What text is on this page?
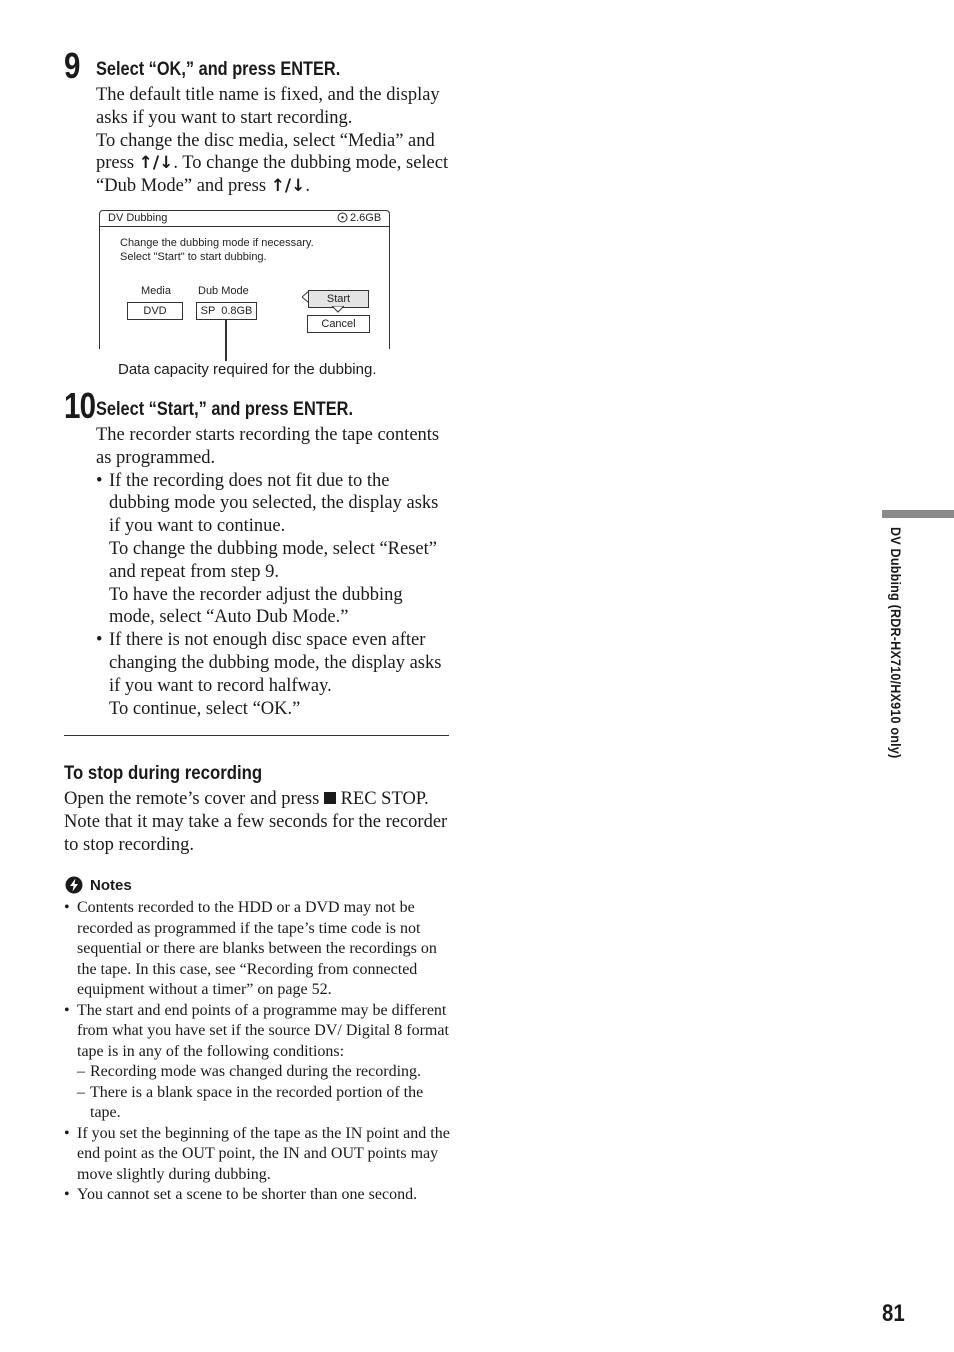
9 Select “OK,” and press ENTER.

The default title name is fixed, and the display asks if you want to start recording.

To change the disc media, select “Media” and press ↑/↓. To change the dubbing mode, select “Dub Mode” and press ↑/↓.

DV Dubbing	2.6GB
Change the dubbing mode if necessary.
Select "Start" to start dubbing.
Media
DVD
Dub Mode
SP  0.8GB
Start
Cancel
Data capacity required for the dubbing.
10 Select “Start,” and press ENTER.

The recorder starts recording the tape contents as programmed.

• If the recording does not fit due to the dubbing mode you selected, the display asks if you want to continue.

To change the dubbing mode, select “Reset” and repeat from step 9.

To have the recorder adjust the dubbing mode, select “Auto Dub Mode.”

• If there is not enough disc space even after changing the dubbing mode, the display asks if you want to record halfway.

To continue, select “OK.”

To stop during recording

Open the remote’s cover and press  REC STOP. Note that it may take a few seconds for the recorder to stop recording.

Notes
• Contents recorded to the HDD or a DVD may not be recorded as programmed if the tape’s time code is not sequential or there are blanks between the recordings on the tape. In this case, see “Recording from connected equipment without a timer” on page 52.

• The start and end points of a programme may be different from what you have set if the source DV/ Digital 8 format tape is in any of the following conditions:

– Recording mode was changed during the recording.

– There is a blank space in the recorded portion of the tape.

• If you set the beginning of the tape as the IN point and the end point as the OUT point, the IN and OUT points may move slightly during dubbing.

• You cannot set a scene to be shorter than one second.

DV Dubbing (RDR-HX710/HX910 only)
81
